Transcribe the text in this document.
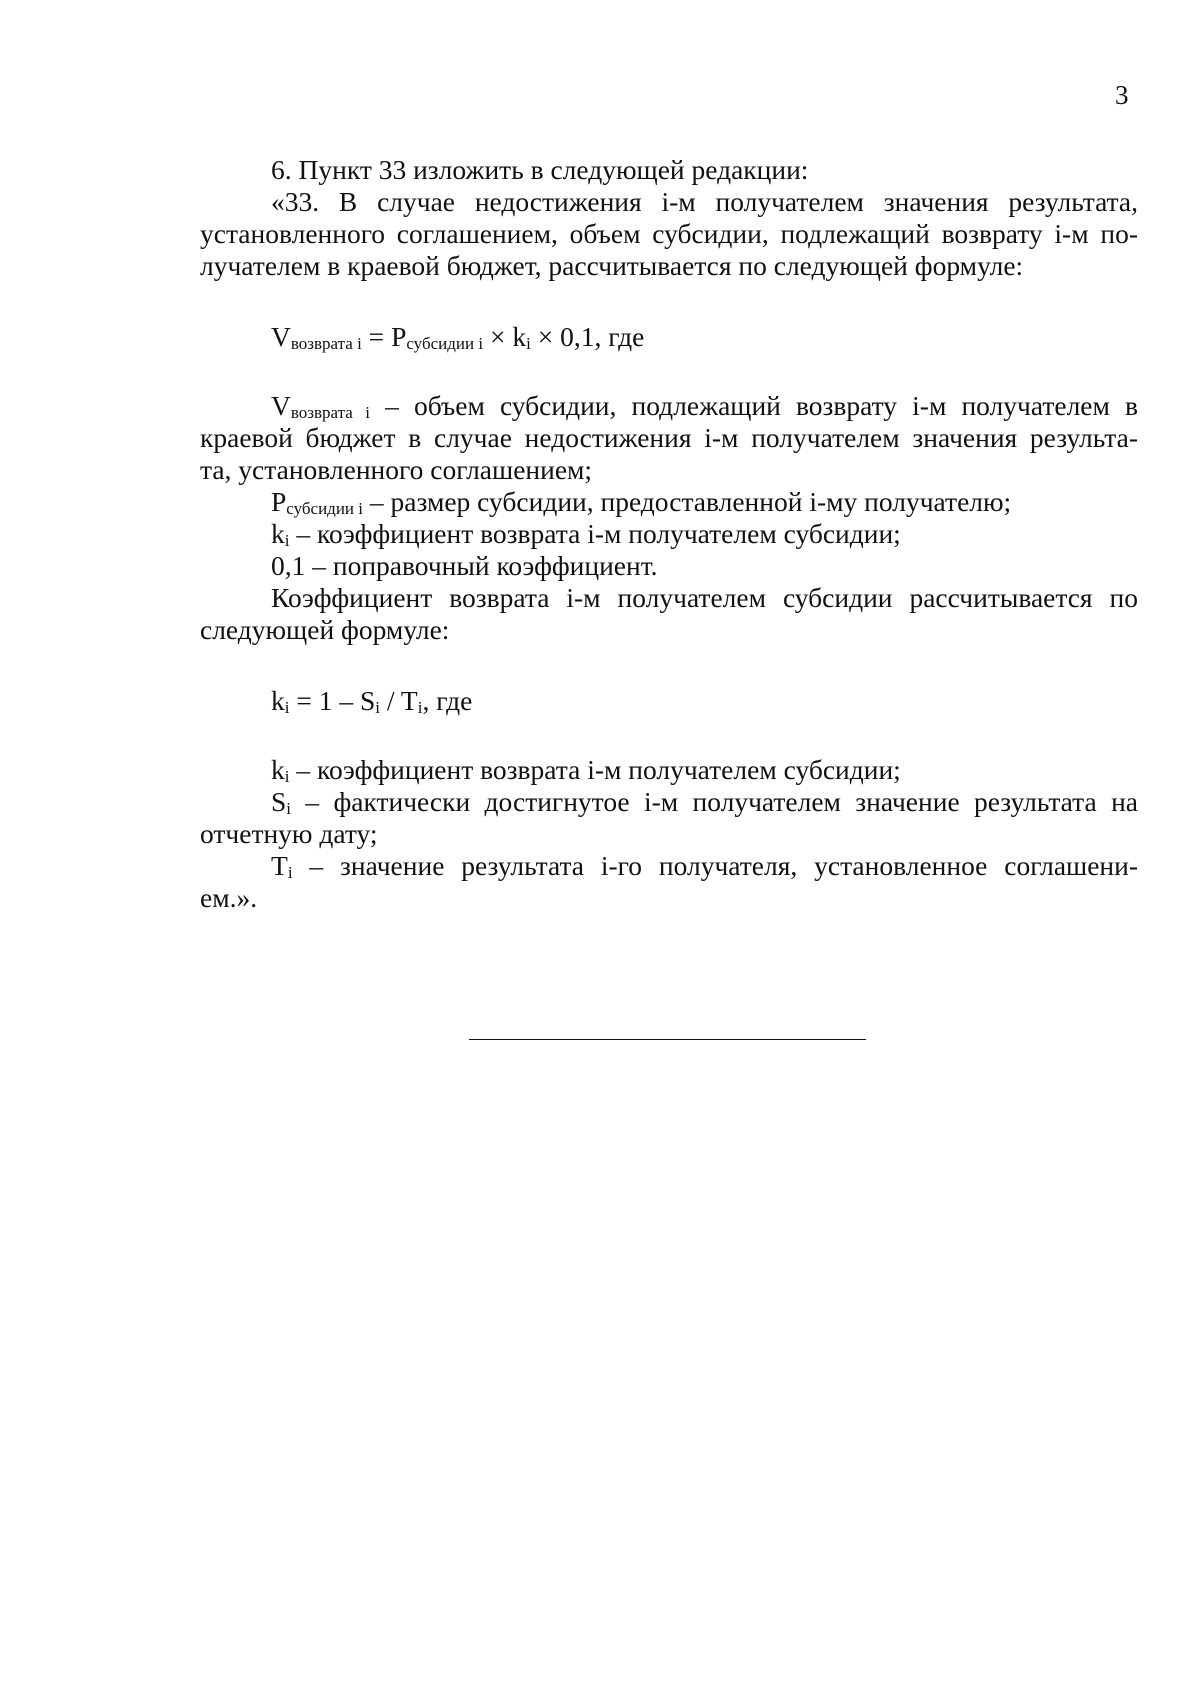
3

6. Пункт 33 изложить в следующей редакции:

«33. В случае недостижения i-м получателем значения результата,

установленного соглашением, объем субсидии, подлежащий возврату i-м по-

лучателем в краевой бюджет, рассчитывается по следующей формуле:

$V_{возврата i} = P_{субсидии i} \times k_i \times 0,1$, где

$V_{возврата i}$ – объем субсидии, подлежащий возврату i-м получателем в

краевой бюджет в случае недостижения i-м получателем значения результа-

та, установленного соглашением;

$P_{субсидии i}$ – размер субсидии, предоставленной i-му получателю;

$k_i$ – коэффициент возврата i-м получателем субсидии;

0,1 – поправочный коэффициент.

Коэффициент возврата i-м получателем субсидии рассчитывается по

следующей формуле:

$k_i = 1 - S_i / T_i$, где

$k_i$ – коэффициент возврата i-м получателем субсидии;

$S_i$ – фактически достигнутое i-м получателем значение результата на

отчетную дату;

$T_i$ – значение результата i-го получателя, установленное соглашени-

ем.».
